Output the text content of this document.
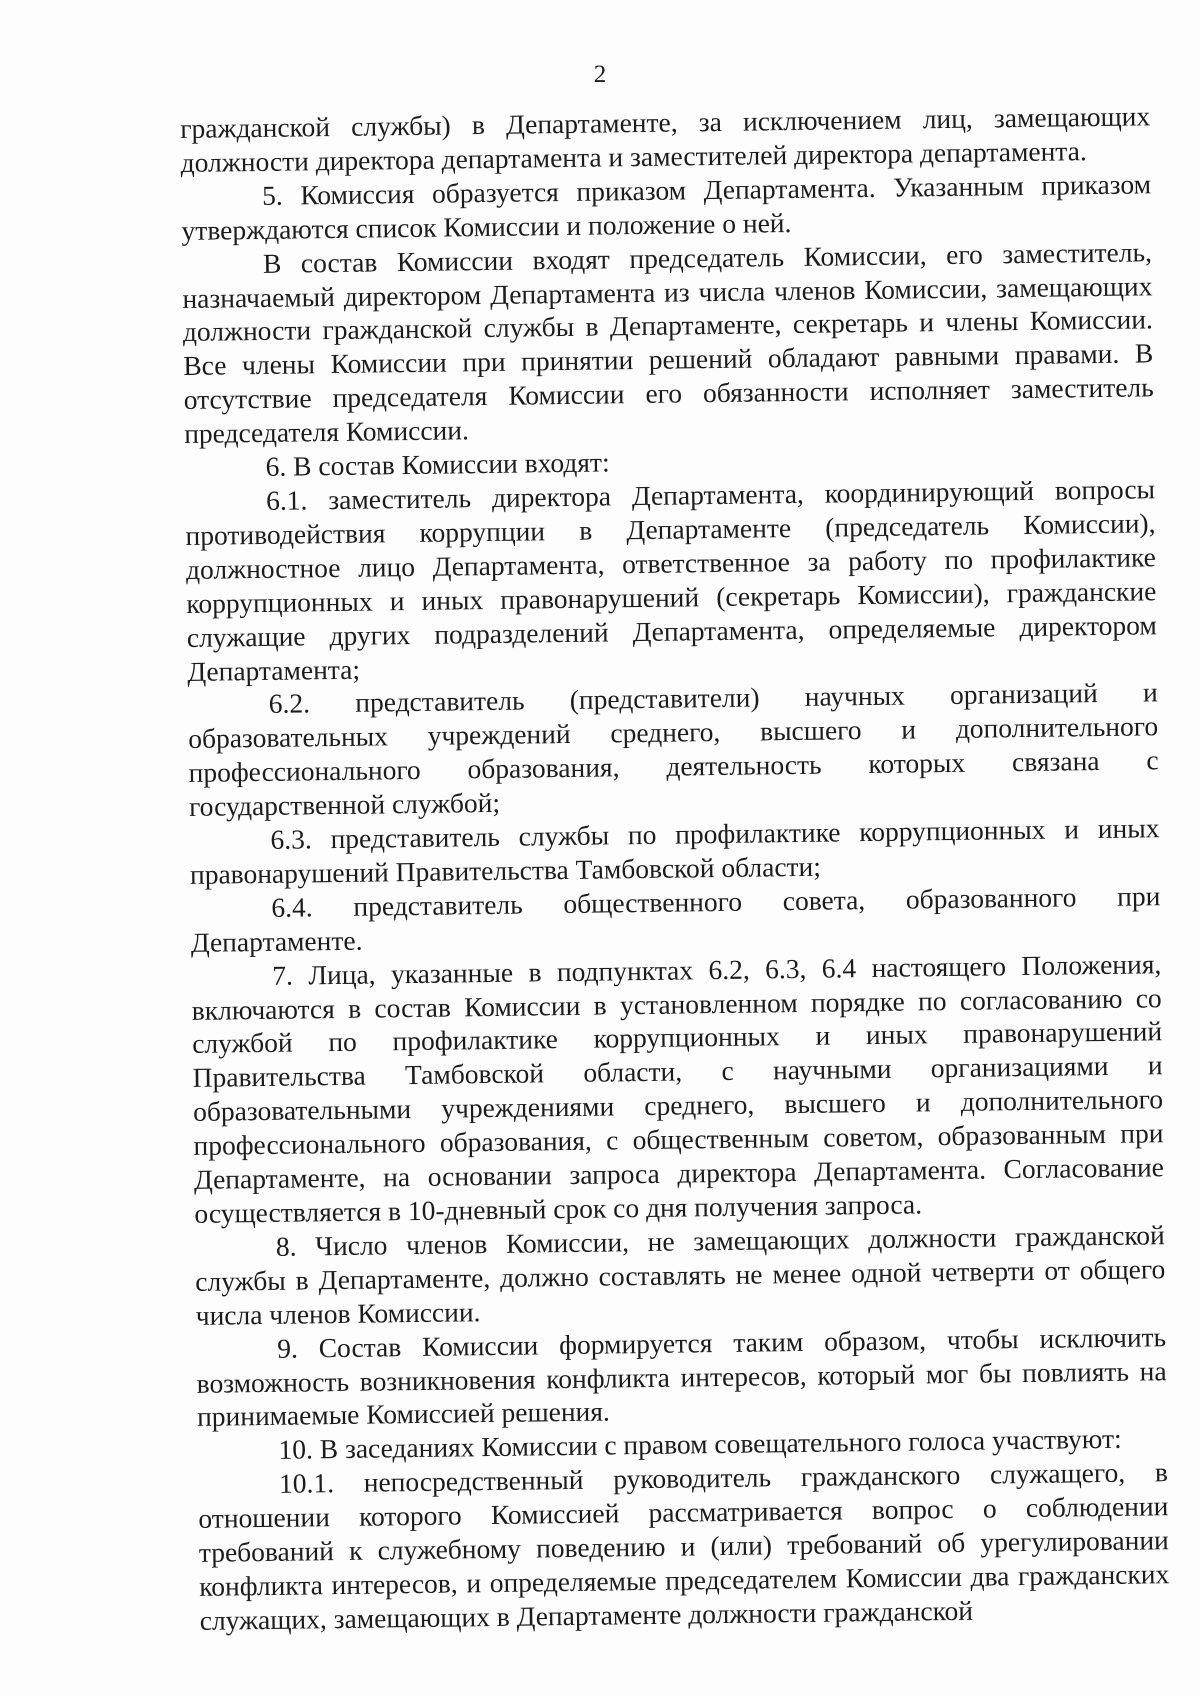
2

гражданской службы) в Департаменте, за исключением лиц, замещающих должности директора департамента и заместителей директора департамента.

5. Комиссия образуется приказом Департамента. Указанным приказом утверждаются список Комиссии и положение о ней.

В состав Комиссии входят председатель Комиссии, его заместитель, назначаемый директором Департамента из числа членов Комиссии, замещающих должности гражданской службы в Департаменте, секретарь и члены Комиссии. Все члены Комиссии при принятии решений обладают равными правами. В отсутствие председателя Комиссии его обязанности исполняет заместитель председателя Комиссии.

6. В состав Комиссии входят:

6.1. заместитель директора Департамента, координирующий вопросы противодействия коррупции в Департаменте (председатель Комиссии), должностное лицо Департамента, ответственное за работу по профилактике коррупционных и иных правонарушений (секретарь Комиссии), гражданские служащие других подразделений Департамента, определяемые директором Департамента;

6.2. представитель (представители) научных организаций и образовательных учреждений среднего, высшего и дополнительного профессионального образования, деятельность которых связана с государственной службой;

6.3. представитель службы по профилактике коррупционных и иных правонарушений Правительства Тамбовской области;

6.4. представитель общественного совета, образованного при Департаменте.

7. Лица, указанные в подпунктах 6.2, 6.3, 6.4 настоящего Положения, включаются в состав Комиссии в установленном порядке по согласованию со службой по профилактике коррупционных и иных правонарушений Правительства Тамбовской области, с научными организациями и образовательными учреждениями среднего, высшего и дополнительного профессионального образования, с общественным советом, образованным при Департаменте, на основании запроса директора Департамента. Согласование осуществляется в 10-дневный срок со дня получения запроса.

8. Число членов Комиссии, не замещающих должности гражданской службы в Департаменте, должно составлять не менее одной четверти от общего числа членов Комиссии.

9. Состав Комиссии формируется таким образом, чтобы исключить возможность возникновения конфликта интересов, который мог бы повлиять на принимаемые Комиссией решения.

10. В заседаниях Комиссии с правом совещательного голоса участвуют:

10.1. непосредственный руководитель гражданского служащего, в отношении которого Комиссией рассматривается вопрос о соблюдении требований к служебному поведению и (или) требований об урегулировании конфликта интересов, и определяемые председателем Комиссии два гражданских служащих, замещающих в Департаменте должности гражданской
